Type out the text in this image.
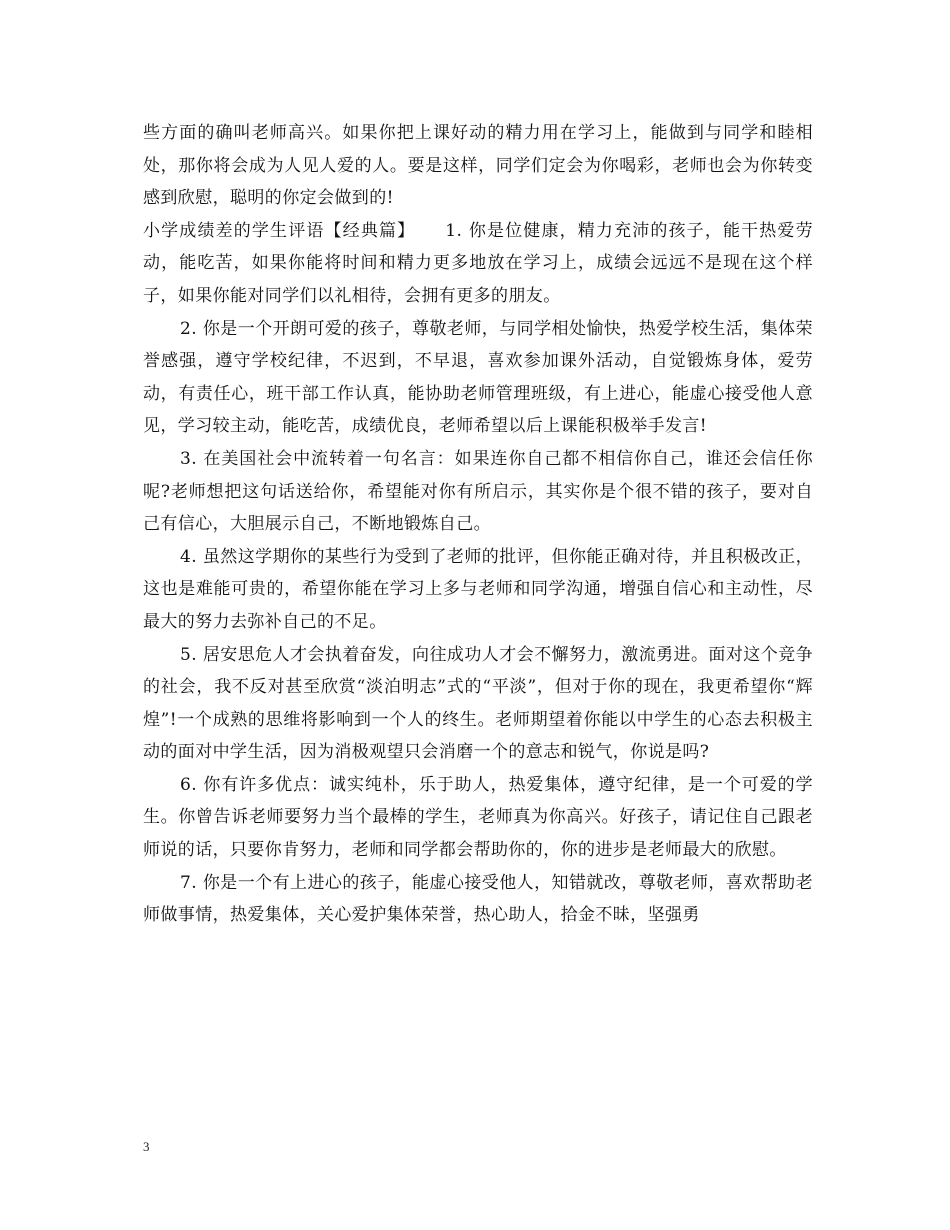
些方面的确叫老师高兴。如果你把上课好动的精力用在学习上，能做到与同学和睦相处，那你将会成为人见人爱的人。要是这样，同学们定会为你喝彩，老师也会为你转变感到欣慰，聪明的你定会做到的!

小学成绩差的学生评语【经典篇】 1. 你是位健康，精力充沛的孩子，能干热爱劳动，能吃苦，如果你能将时间和精力更多地放在学习上，成绩会远远不是现在这个样子，如果你能对同学们以礼相待，会拥有更多的朋友。

2. 你是一个开朗可爱的孩子，尊敬老师，与同学相处愉快，热爱学校生活，集体荣誉感强，遵守学校纪律，不迟到，不早退，喜欢参加课外活动，自觉锻炼身体，爱劳动，有责任心，班干部工作认真，能协助老师管理班级，有上进心，能虚心接受他人意见，学习较主动，能吃苦，成绩优良，老师希望以后上课能积极举手发言!

3. 在美国社会中流转着一句名言：如果连你自己都不相信你自己，谁还会信任你呢?老师想把这句话送给你，希望能对你有所启示，其实你是个很不错的孩子，要对自己有信心，大胆展示自己，不断地锻炼自己。

4. 虽然这学期你的某些行为受到了老师的批评，但你能正确对待，并且积极改正，这也是难能可贵的，希望你能在学习上多与老师和同学沟通，增强自信心和主动性，尽最大的努力去弥补自己的不足。

5. 居安思危人才会执着奋发，向往成功人才会不懈努力，激流勇进。面对这个竞争的社会，我不反对甚至欣赏“淡泊明志”式的“平淡”，但对于你的现在，我更希望你“辉煌”!一个成熟的思维将影响到一个人的终生。老师期望着你能以中学生的心态去积极主动的面对中学生活，因为消极观望只会消磨一个的意志和锐气，你说是吗?

6. 你有许多优点：诚实纯朴，乐于助人，热爱集体，遵守纪律，是一个可爱的学生。你曾告诉老师要努力当个最棒的学生，老师真为你高兴。好孩子，请记住自己跟老师说的话，只要你肯努力，老师和同学都会帮助你的，你的进步是老师最大的欣慰。

7. 你是一个有上进心的孩子，能虚心接受他人，知错就改，尊敬老师，喜欢帮助老师做事情，热爱集体，关心爱护集体荣誉，热心助人，拾金不昧，坚强勇

3
